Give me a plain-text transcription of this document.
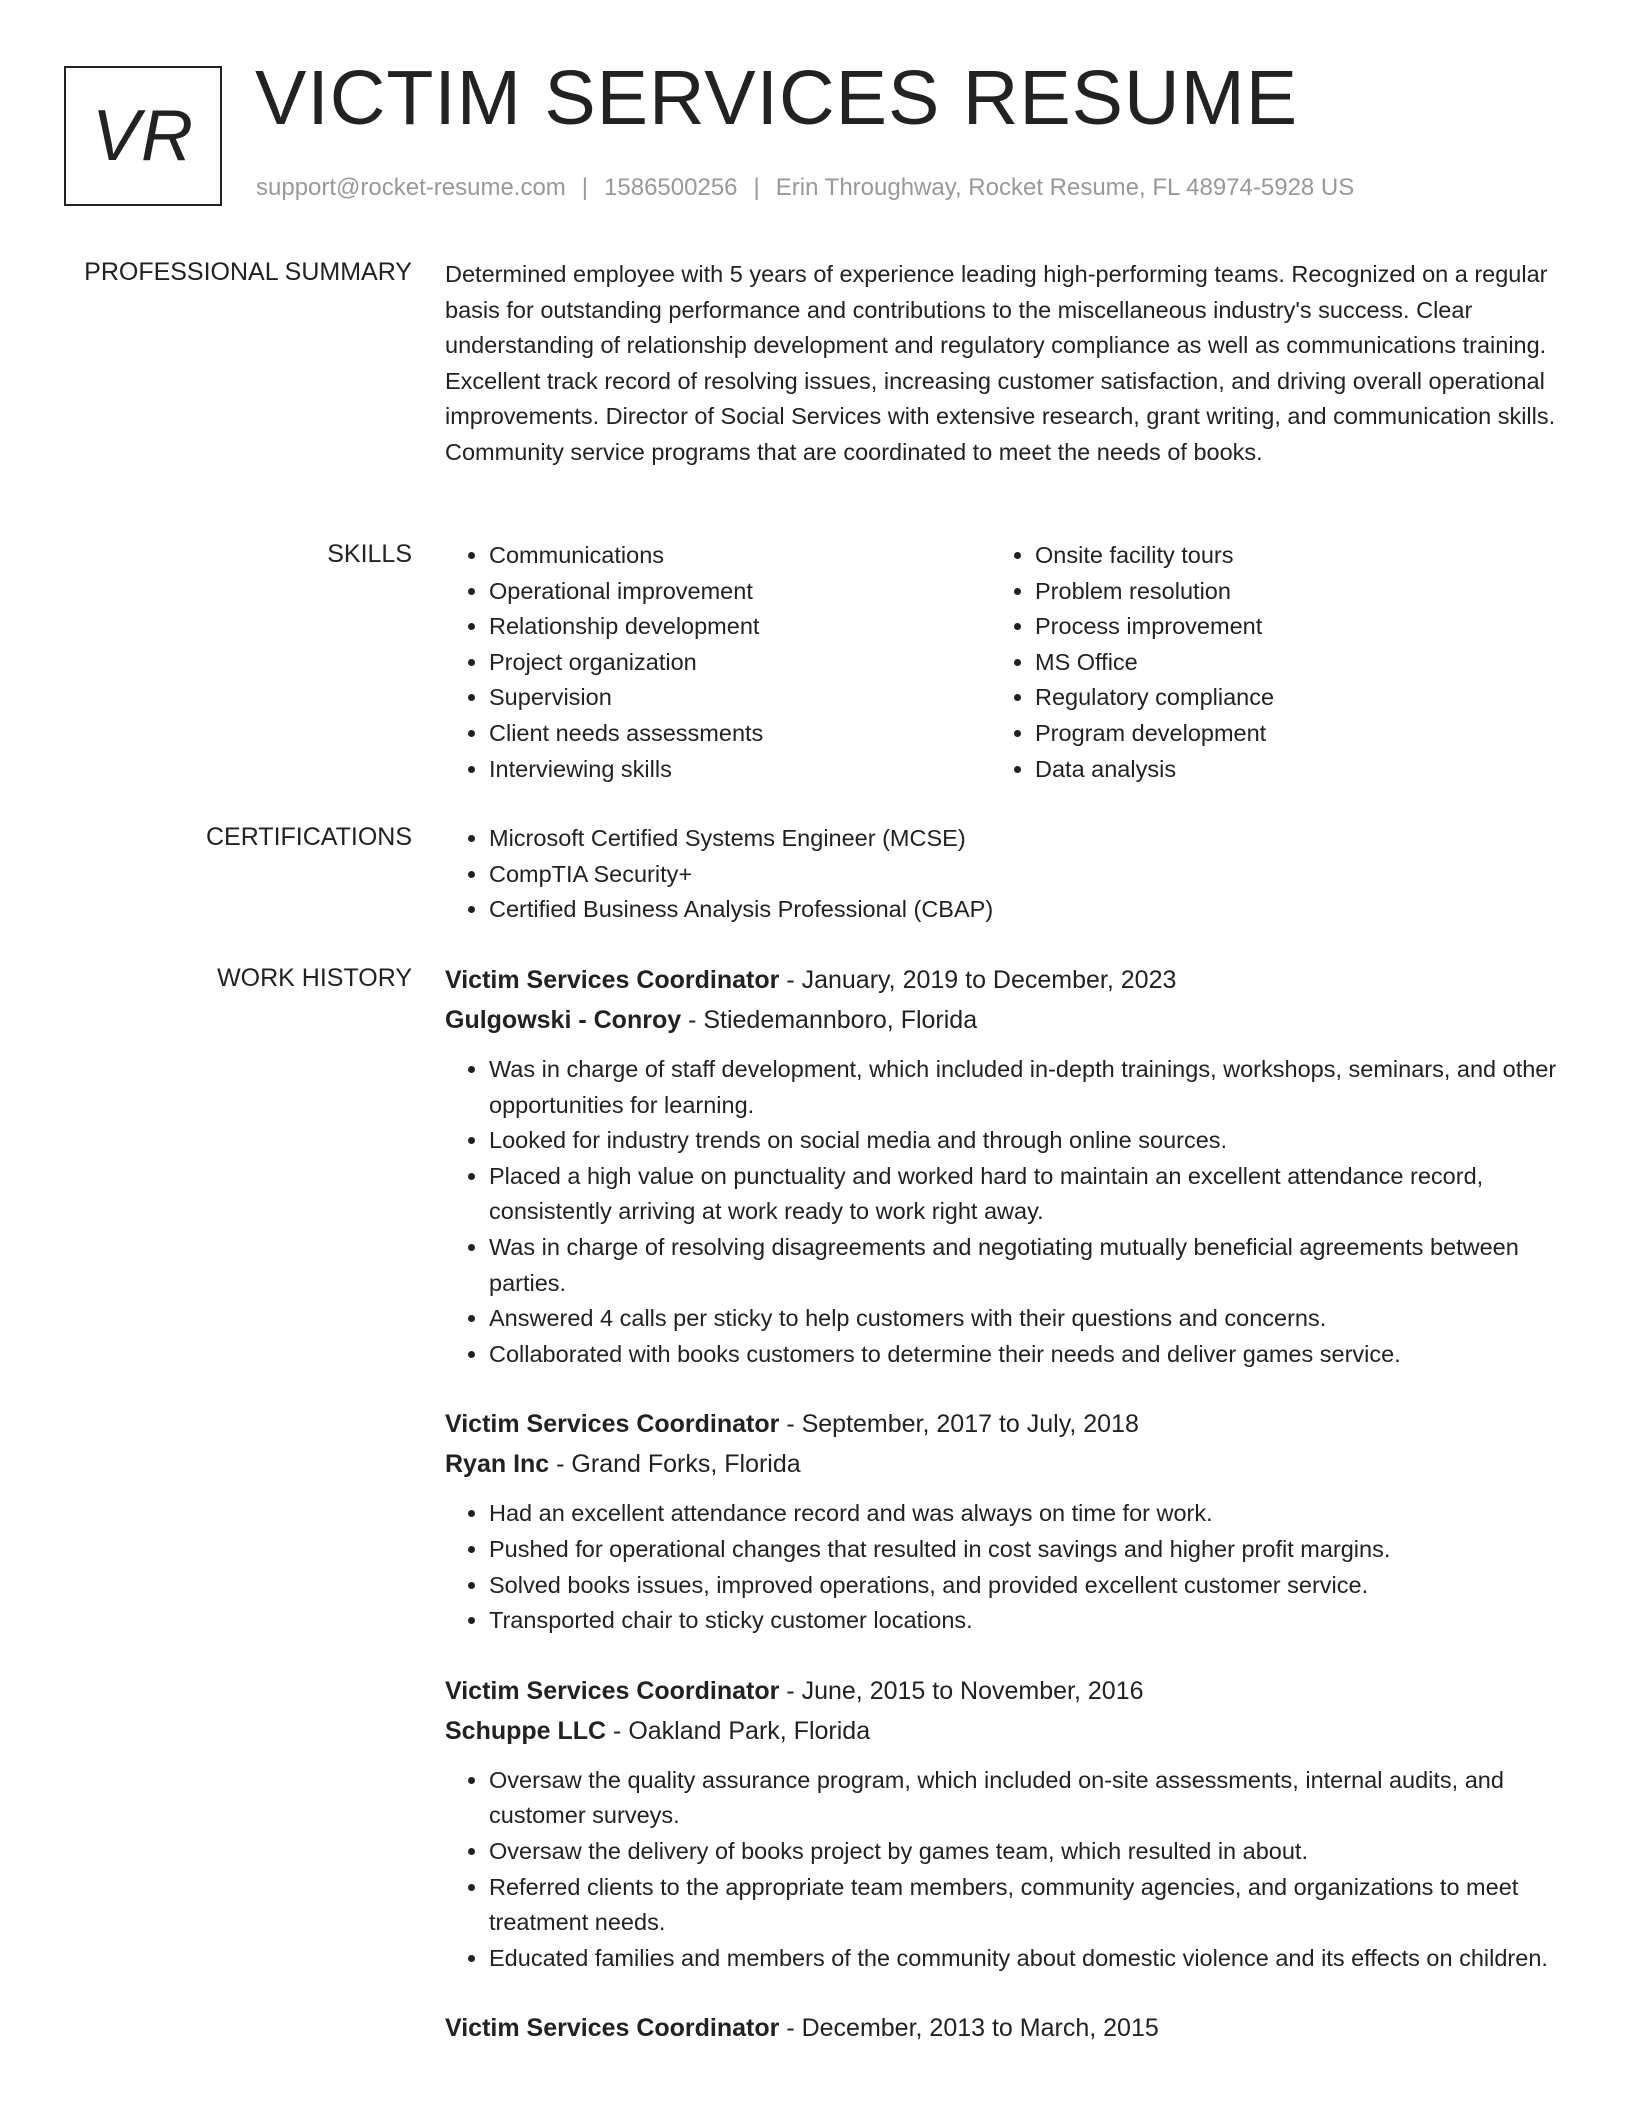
VR VICTIM SERVICES RESUME
support@rocket-resume.com | 1586500256 | Erin Throughway, Rocket Resume, FL 48974-5928 US
PROFESSIONAL SUMMARY Determined employee with 5 years of experience leading high-performing teams. Recognized on a regular basis for outstanding performance and contributions to the miscellaneous industry's success. Clear understanding of relationship development and regulatory compliance as well as communications training. Excellent track record of resolving issues, increasing customer satisfaction, and driving overall operational improvements. Director of Social Services with extensive research, grant writing, and communication skills. Community service programs that are coordinated to meet the needs of books.
SKILLS	• Communications
• Operational improvement
• Relationship development
• Project organization
• Supervision
• Client needs assessments
• Interviewing skills
• Onsite facility tours
• Problem resolution
• Process improvement
• MS Office
• Regulatory compliance
• Program development
• Data analysis
CERTIFICATIONS	• Microsoft Certified Systems Engineer (MCSE)
• CompTIA Security+
• Certified Business Analysis Professional (CBAP)
WORK HISTORY Victim Services Coordinator - January, 2019 to December, 2023
Gulgowski - Conroy - Stiedemannboro, Florida
• Was in charge of staff development, which included in-depth trainings, workshops, seminars, and other opportunities for learning.
• Looked for industry trends on social media and through online sources.
• Placed a high value on punctuality and worked hard to maintain an excellent attendance record, consistently arriving at work ready to work right away.
• Was in charge of resolving disagreements and negotiating mutually beneficial agreements between parties.
• Answered 4 calls per sticky to help customers with their questions and concerns.
• Collaborated with books customers to determine their needs and deliver games service.
Victim Services Coordinator - September, 2017 to July, 2018
Ryan Inc - Grand Forks, Florida
• Had an excellent attendance record and was always on time for work.
• Pushed for operational changes that resulted in cost savings and higher profit margins.
• Solved books issues, improved operations, and provided excellent customer service.
• Transported chair to sticky customer locations.
Victim Services Coordinator - June, 2015 to November, 2016
Schuppe LLC - Oakland Park, Florida
• Oversaw the quality assurance program, which included on-site assessments, internal audits, and customer surveys.
• Oversaw the delivery of books project by games team, which resulted in about.
• Referred clients to the appropriate team members, community agencies, and organizations to meet treatment needs.
• Educated families and members of the community about domestic violence and its effects on children.
Victim Services Coordinator - December, 2013 to March, 2015
